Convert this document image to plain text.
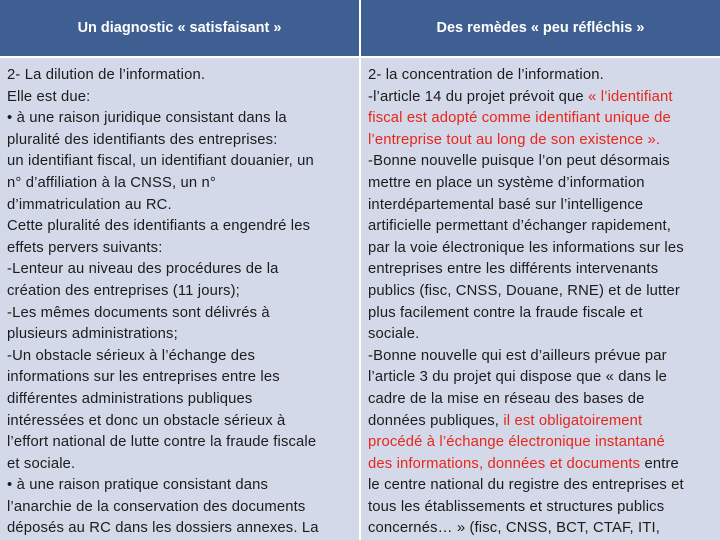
Un diagnostic « satisfaisant »	Des remèdes « peu réfléchis »
2- La dilution de l’information.
Elle est due:
• à une raison juridique consistant dans la
pluralité des identifiants des entreprises:
un identifiant fiscal, un identifiant douanier, un
n° d’affiliation à la CNSS, un n°
d’immatriculation au RC.
Cette pluralité des identifiants a engendré les
effets pervers suivants:
-Lenteur au niveau des procédures de la
création des entreprises (11 jours);
-Les mêmes documents sont délivrés à
plusieurs administrations;
-Un obstacle sérieux à l’échange des
informations sur les entreprises entre les
différentes administrations publiques
intéressées et donc un obstacle sérieux à
l’effort national de lutte contre la fraude fiscale
et sociale.
• à une raison pratique consistant dans
l’anarchie de la conservation des documents
déposés au RC dans les dossiers annexes. La
2- la concentration de l’information.
-l’article 14 du projet prévoit que « l’identifiant
fiscal est adopté comme identifiant unique de
l’entreprise tout au long de son existence ».
-Bonne nouvelle puisque l’on peut désormais
mettre en place un système d’information
interdépartemental basé sur l’intelligence
artificielle permettant d’échanger rapidement,
par la voie électronique les informations sur les
entreprises entre les différents intervenants
publics (fisc, CNSS, Douane, RNE) et de lutter
plus facilement contre la fraude fiscale et
sociale.
-Bonne nouvelle qui est d’ailleurs prévue par
l’article 3 du projet qui dispose que « dans le
cadre de la mise en réseau des bases de
données publiques, il est obligatoirement
procédé à l’échange électronique instantané
des informations, données et documents entre
le centre national du registre des entreprises et
tous les établissements et structures publics
concernés… » (fisc, CNSS, BCT, CTAF, ITI,
